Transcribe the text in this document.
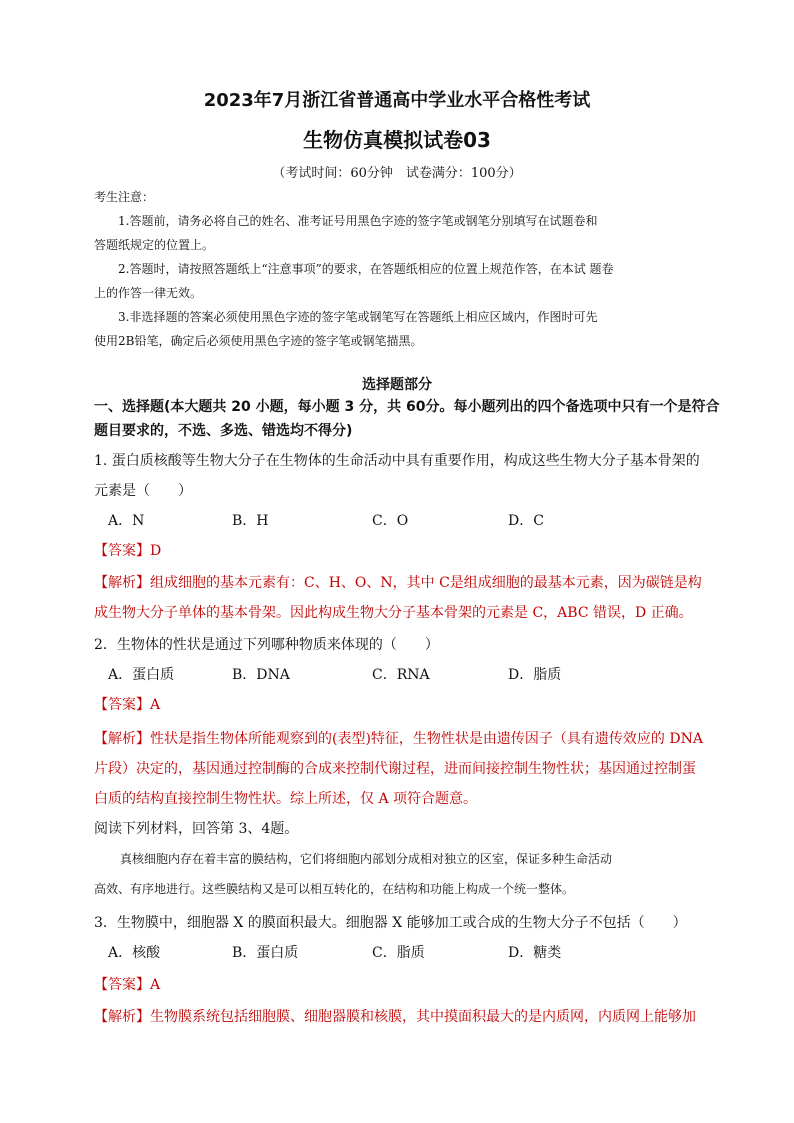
2023年7月浙江省普通高中学业水平合格性考试
生物仿真模拟试卷03
（考试时间：60分钟　试卷满分：100分）
考生注意：
1.答题前，请务必将自己的姓名、准考证号用黑色字迹的签字笔或钢笔分别填写在试题卷和
答题纸规定的位置上。
2.答题时，请按照答题纸上“注意事项”的要求，在答题纸相应的位置上规范作答，在本试 题卷
上的作答一律无效。
3.非选择题的答案必须使用黑色字迹的签字笔或钢笔写在答题纸上相应区域内，作图时可先
使用2B铅笔，确定后必须使用黑色字迹的签字笔或钢笔描黑。
选择题部分
一、选择题(本大题共 20 小题，每小题 3 分，共 60分。每小题列出的四个备选项中只有一个是符合
题目要求的，不选、多选、错选均不得分)
1. 蛋白质核酸等生物大分子在生物体的生命活动中具有重要作用，构成这些生物大分子基本骨架的
元素是（　　）
A．N	B．H	C．O	D．C
【答案】D
【解析】组成细胞的基本元素有：C、H、O、N，其中 C是组成细胞的最基本元素，因为碳链是构
成生物大分子单体的基本骨架。因此构成生物大分子基本骨架的元素是 C，ABC 错误，D 正确。
2．生物体的性状是通过下列哪种物质来体现的（　　）
A．蛋白质	B．DNA	C．RNA	D．脂质
【答案】A
【解析】性状是指生物体所能观察到的(表型)特征，生物性状是由遗传因子（具有遗传效应的 DNA
片段）决定的，基因通过控制酶的合成来控制代谢过程，进而间接控制生物性状；基因通过控制蛋
白质的结构直接控制生物性状。综上所述，仅 A 项符合题意。
阅读下列材料，回答第 3、4题。
真核细胞内存在着丰富的膜结构，它们将细胞内部划分成相对独立的区室，保证多种生命活动
高效、有序地进行。这些膜结构又是可以相互转化的，在结构和功能上构成一个统一整体。
3．生物膜中，细胞器 X 的膜面积最大。细胞器 X 能够加工或合成的生物大分子不包括（　　）
A．核酸	B．蛋白质	C．脂质	D．糖类
【答案】A
【解析】生物膜系统包括细胞膜、细胞器膜和核膜，其中摸面积最大的是内质网，内质网上能够加
